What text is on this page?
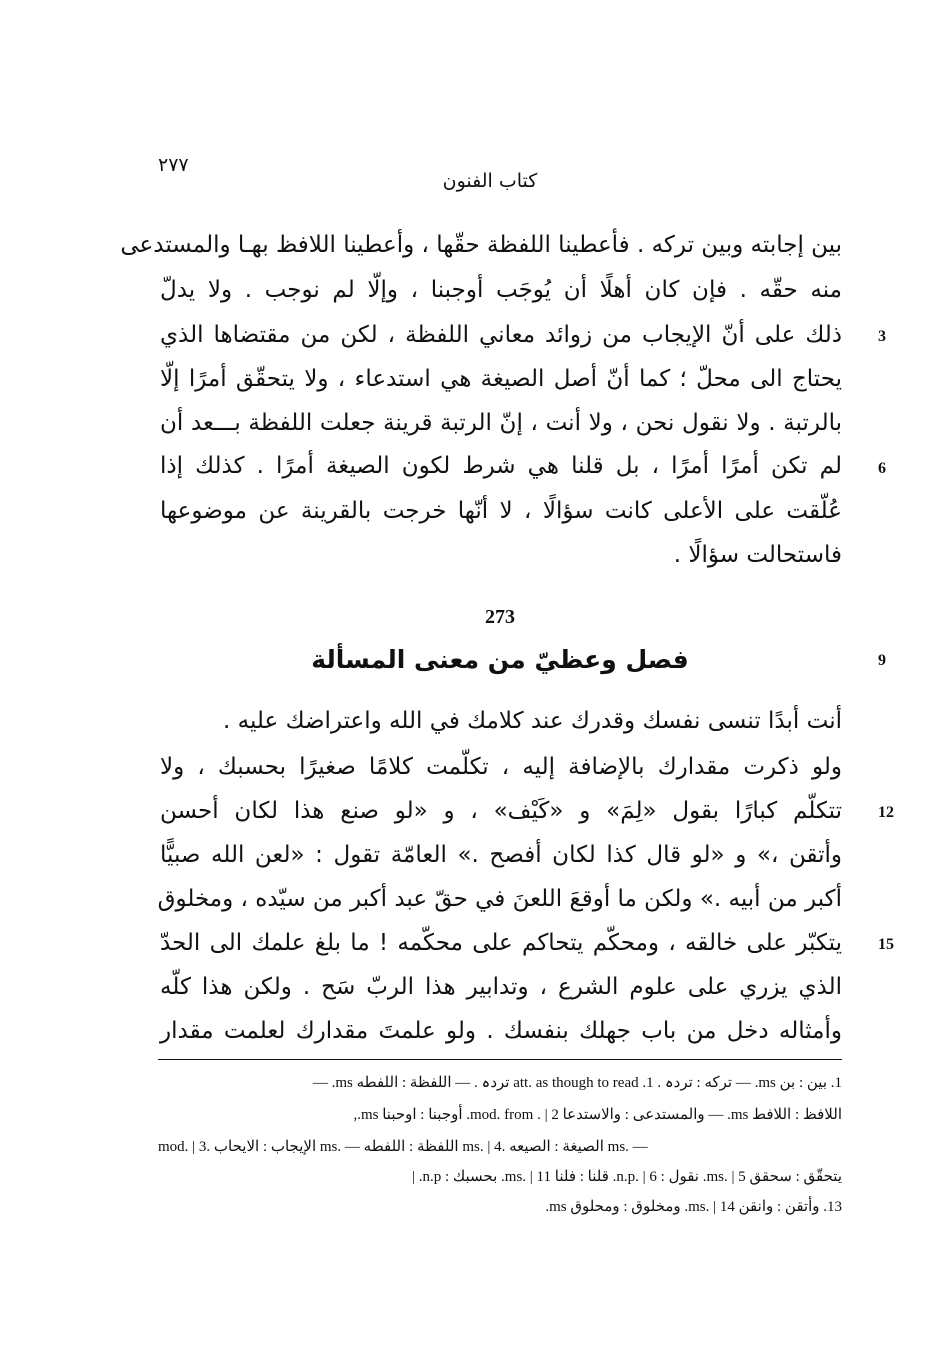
٢٧٧
كتاب الفنون
بين إجابته وبين تركه . فأعطينا اللفظة حقّها ، وأعطينا اللافظ بهـا والمستدعى
منه حقّه . فإن كان أهلًا أن يُوجَب أوجبنا ، وإلّا لم نوجب . ولا يدلّ
ذلك على أنّ الإيجاب من زوائد معاني اللفظة ، لكن من مقتضاها الذي
يحتاج الى محلّ ؛ كما أنّ أصل الصيغة هي استدعاء ، ولا يتحقّق أمرًا إلّا
بالرتبة . ولا نقول نحن ، ولا أنت ، إنّ الرتبة قرينة جعلت اللفظة بـــعد أن
لم تكن أمرًا أمرًا ، بل قلنا هي شرط لكون الصيغة أمرًا . كذلك إذا
عُلّقت على الأعلى كانت سؤالًا ، لا أنّها خرجت بالقرينة عن موضوعها
فاستحالت سؤالًا .
3
6
273
فصل وعظيّ من معنى المسألة	9
أنت أبدًا تنسى نفسك وقدرك عند كلامك في الله واعتراضك عليه .
ولو ذكرت مقدارك بالإضافة إليه ، تكلّمت كلامًا صغيرًا بحسبك ، ولا
تتكلّم كبارًا بقول «لِمَ» و «كَيْف» ، و «لو صنع هذا لكان أحسن
وأتقن ،» و «لو قال كذا لكان أفصح .» العامّة تقول : «لعن الله صبيًّا
أكبر من أبيه .» ولكن ما أوقعَ اللعنَ في حقّ عبد أكبر من سيّده ، ومخلوق
يتكبّر على خالقه ، ومحكّم يتحاكم على محكّمه ! ما بلغ علمك الى الحدّ
الذي يزري على علوم الشرع ، وتدابير هذا الربّ سَح . ولكن هذا كلّه
وأمثاله دخل من باب جهلك بنفسك . ولو علمتَ مقدارك لعلمت مقدار
12
15
1. بين : بن ms. — تركه : تردہ . 1. att. as though to read تردہ . — اللفظة : اللفطه ms. —
اللافظ : اللافط ms. — والمستدعى : والاستدعا mod. from . | 2. أوجبنا : اوحبنا ms.,
mod. | 3. الإيجاب : الايحاب ms. — اللفظة : اللفطه ms. | 4. الصيغة : الصيعه ms. —
يتحقّق : سحقق ms. | 5. نقول : n.p. | 6. قلنا : فلنا ms. | 11. بحسبك : n.p. |
13. وأتقن : وانقن ms. | 14. ومخلوق : ومحلوق ms.
